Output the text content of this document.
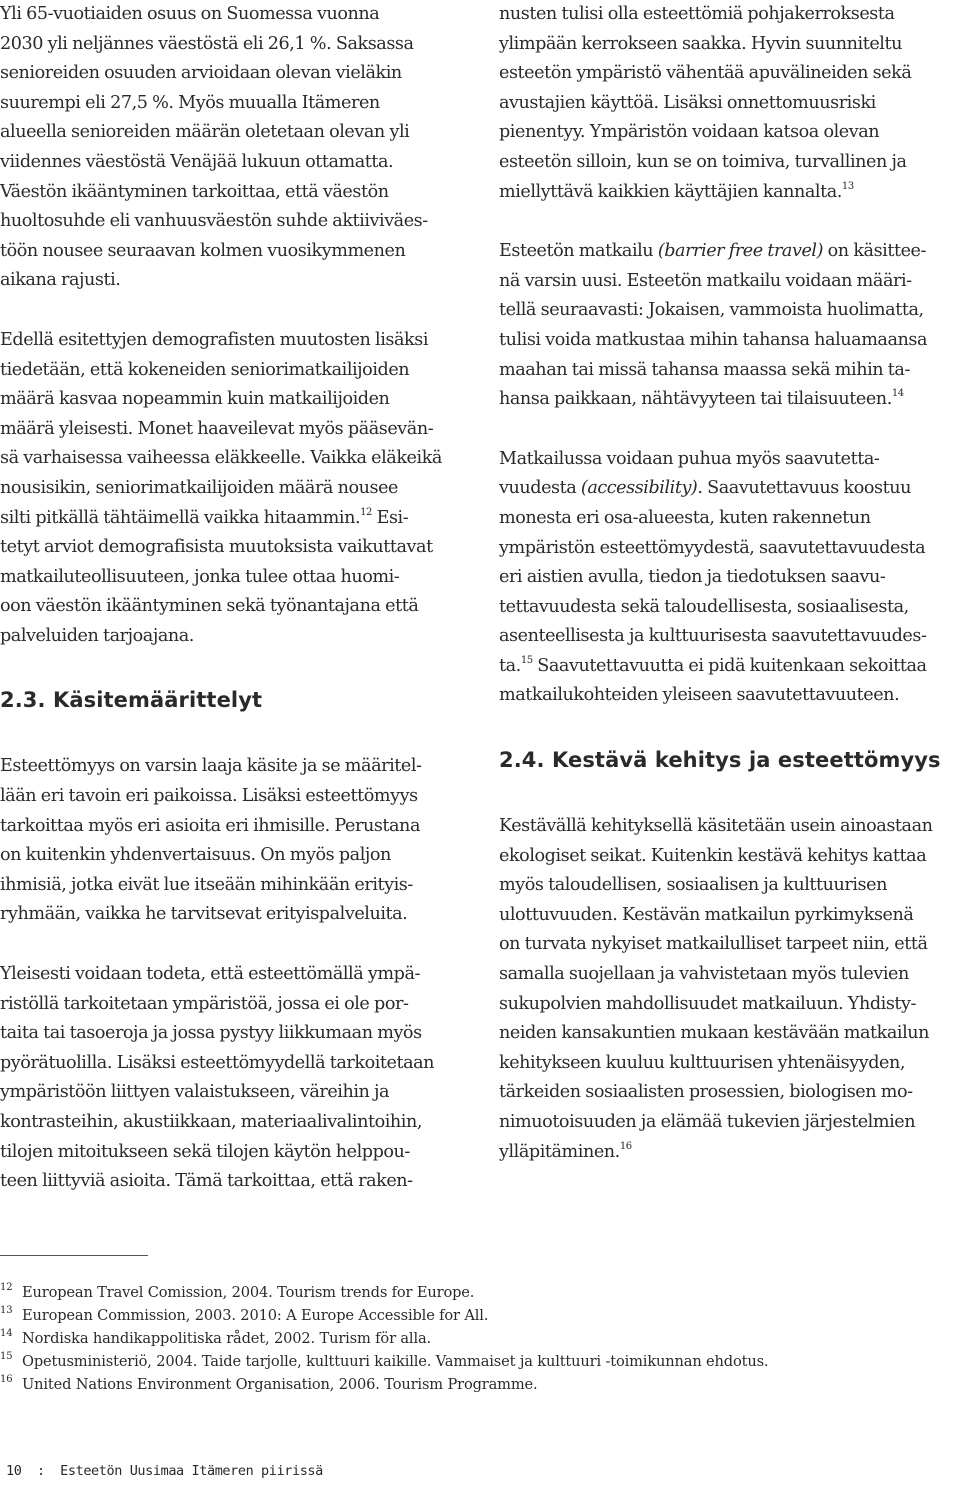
Yli 65-vuotiaiden osuus on Suomessa vuonna
2030 yli neljännes väestöstä eli 26,1 %. Saksassa
senioreiden osuuden arvioidaan olevan vieläkin
suurempi eli 27,5 %. Myös muualla Itämeren
alueella senioreiden määrän oletetaan olevan yli
viidennes väestöstä Venäjää lukuun ottamatta.
Väestön ikääntyminen tarkoittaa, että väestön
huoltosuhde eli vanhuusväestön suhde aktiiviväes-
töön nousee seuraavan kolmen vuosikymmenen
aikana rajusti.

Edellä esitettyjen demografisten muutosten lisäksi
tiedetään, että kokeneiden seniorimatkailijoiden
määrä kasvaa nopeammin kuin matkailijoiden
määrä yleisesti. Monet haaveilevat myös pääsevän-
sä varhaisessa vaiheessa eläkkeelle. Vaikka eläkeikä
nousisikin, seniorimatkailijoiden määrä nousee
silti pitkällä tähtäimellä vaikka hitaammin.$^{12}$ Esi-
tetyt arviot demografisista muutoksista vaikuttavat
matkailuteollisuuteen, jonka tulee ottaa huomi-
oon väestön ikääntyminen sekä työnantajana että
palveluiden tarjoajana.

2.3. Käsitemäärittelyt

Esteettömyys on varsin laaja käsite ja se määritel-
lään eri tavoin eri paikoissa. Lisäksi esteettömyys
tarkoittaa myös eri asioita eri ihmisille. Perustana
on kuitenkin yhdenvertaisuus. On myös paljon
ihmisiä, jotka eivät lue itseään mihinkään erityis-
ryhmään, vaikka he tarvitsevat erityispalveluita.

Yleisesti voidaan todeta, että esteettömällä ympä-
ristöllä tarkoitetaan ympäristöä, jossa ei ole por-
taita tai tasoeroja ja jossa pystyy liikkumaan myös
pyörätuolilla. Lisäksi esteettömyydellä tarkoitetaan
ympäristöön liittyen valaistukseen, väreihin ja
kontrasteihin, akustiikkaan, materiaalivalintoihin,
tilojen mitoitukseen sekä tilojen käytön helppou-
teen liittyviä asioita. Tämä tarkoittaa, että raken-

nusten tulisi olla esteettömiä pohjakerroksesta
ylimpään kerrokseen saakka. Hyvin suunniteltu
esteetön ympäristö vähentää apuvälineiden sekä
avustajien käyttöä. Lisäksi onnettomuusriski
pienentyy. Ympäristön voidaan katsoa olevan
esteetön silloin, kun se on toimiva, turvallinen ja
miellyttävä kaikkien käyttäjien kannalta.$^{13}$

Esteetön matkailu (barrier free travel) on käsittee-
nä varsin uusi. Esteetön matkailu voidaan määri-
tellä seuraavasti: Jokaisen, vammoista huolimatta,
tulisi voida matkustaa mihin tahansa haluamaansa
maahan tai missä tahansa maassa sekä mihin ta-
hansa paikkaan, nähtävyyteen tai tilaisuuteen.$^{14}$

Matkailussa voidaan puhua myös saavutetta-
vuudesta (accessibility). Saavutettavuus koostuu
monesta eri osa-alueesta, kuten rakennetun
ympäristön esteettömyydestä, saavutettavuudesta
eri aistien avulla, tiedon ja tiedotuksen saavu-
tettavuudesta sekä taloudellisesta, sosiaalisesta,
asenteellisesta ja kulttuurisesta saavutettavuudes-
ta.$^{15}$ Saavutettavuutta ei pidä kuitenkaan sekoittaa
matkailukohteiden yleiseen saavutettavuuteen.

2.4. Kestävä kehitys ja esteettömyys

Kestävällä kehityksellä käsitetään usein ainoastaan
ekologiset seikat. Kuitenkin kestävä kehitys kattaa
myös taloudellisen, sosiaalisen ja kulttuurisen
ulottuvuuden. Kestävän matkailun pyrkimyksenä
on turvata nykyiset matkailulliset tarpeet niin, että
samalla suojellaan ja vahvistetaan myös tulevien
sukupolvien mahdollisuudet matkailuun. Yhdisty-
neiden kansakuntien mukaan kestävään matkailun
kehitykseen kuuluu kulttuurisen yhtenäisyyden,
tärkeiden sosiaalisten prosessien, biologisen mo-
nimuotoisuuden ja elämää tukevien järjestelmien
ylläpitäminen.$^{16}$

12 European Travel Comission, 2004. Tourism trends for Europe.
13 European Commission, 2003. 2010: A Europe Accessible for All.
14 Nordiska handikappolitiska rådet, 2002. Turism för alla.
15 Opetusministeriö, 2004. Taide tarjolle, kulttuuri kaikille. Vammaiset ja kulttuuri -toimikunnan ehdotus.
16 United Nations Environment Organisation, 2006. Tourism Programme.
10 : Esteetön Uusimaa Itämeren piirissä
